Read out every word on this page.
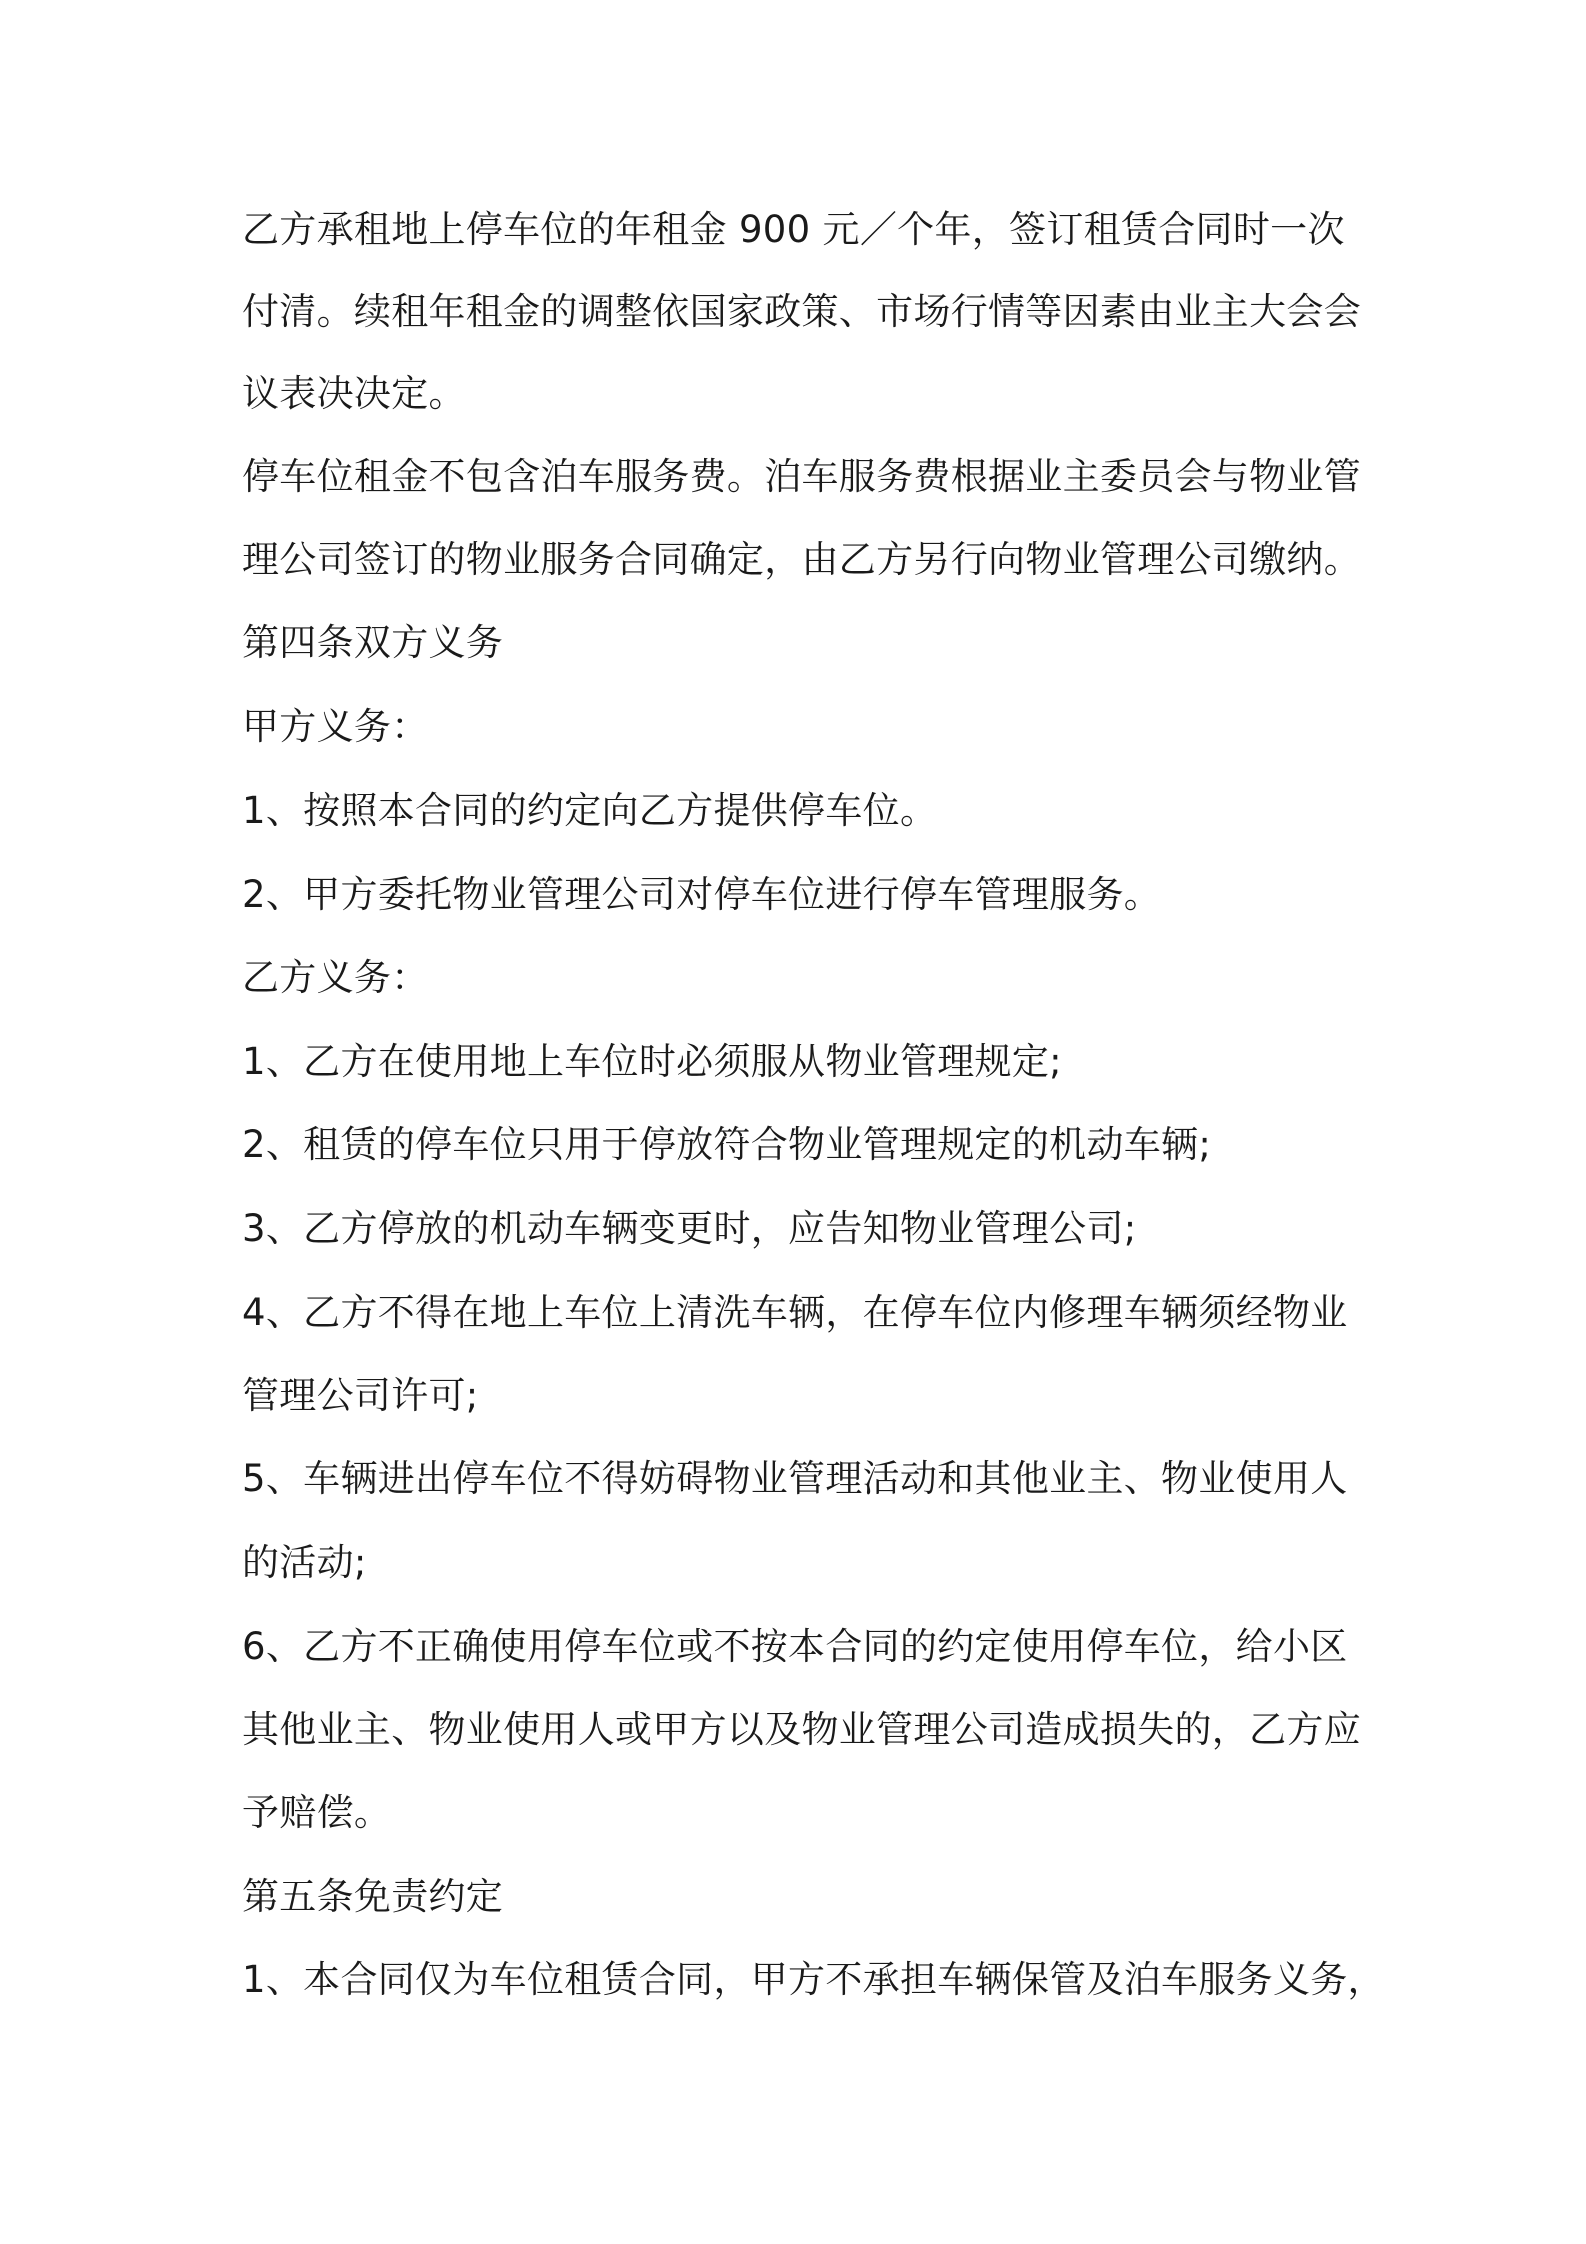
乙方承租地上停车位的年租金 900 元／个年，签订租赁合同时一次
付清。续租年租金的调整依国家政策、市场行情等因素由业主大会会
议表决决定。
停车位租金不包含泊车服务费。泊车服务费根据业主委员会与物业管
理公司签订的物业服务合同确定，由乙方另行向物业管理公司缴纳。
第四条双方义务
甲方义务：
1、按照本合同的约定向乙方提供停车位。
2、甲方委托物业管理公司对停车位进行停车管理服务。
乙方义务：
1、乙方在使用地上车位时必须服从物业管理规定;
2、租赁的停车位只用于停放符合物业管理规定的机动车辆;
3、乙方停放的机动车辆变更时，应告知物业管理公司;
4、乙方不得在地上车位上清洗车辆，在停车位内修理车辆须经物业
管理公司许可;
5、车辆进出停车位不得妨碍物业管理活动和其他业主、物业使用人
的活动;
6、乙方不正确使用停车位或不按本合同的约定使用停车位，给小区
其他业主、物业使用人或甲方以及物业管理公司造成损失的，乙方应
予赔偿。
第五条免责约定
1、本合同仅为车位租赁合同，甲方不承担车辆保管及泊车服务义务，
